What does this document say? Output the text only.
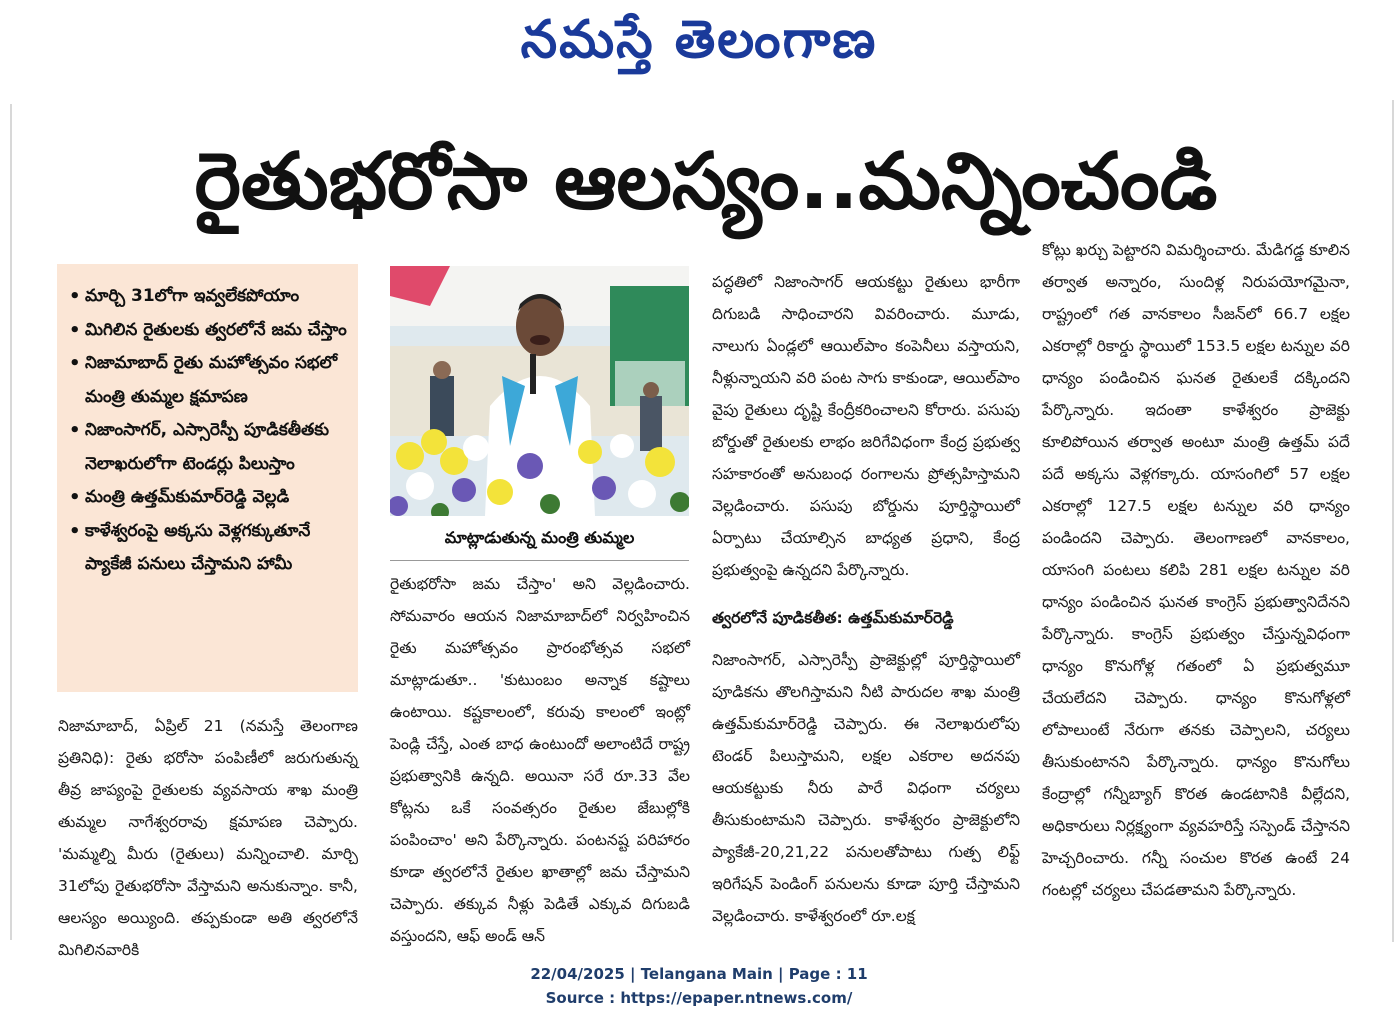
నమస్తే తెలంగాణ
రైతుభరోసా ఆలస్యం..మన్నించండి
• మార్చి 31లోగా ఇవ్వలేకపోయాం
• మిగిలిన రైతులకు త్వరలోనే జమ చేస్తాం
• నిజామాబాద్ రైతు మహోత్సవం సభలో మంత్రి తుమ్మల క్షమాపణ
• నిజాంసాగర్, ఎస్సారెస్పీ పూడికతీతకు నెలాఖరులోగా టెండర్లు పిలుస్తాం
• మంత్రి ఉత్తమ్‌కుమార్‌రెడ్డి వెల్లడి
• కాళేశ్వరంపై అక్కసు వెళ్లగక్కుతూనే ప్యాకేజీ పనులు చేస్తామని హామీ
మాట్లాడుతున్న మంత్రి తుమ్మల

నిజామాబాద్, ఏప్రిల్ 21 (నమస్తే తెలంగాణ ప్రతినిధి): రైతు భరోసా పంపిణీలో జరుగుతున్న తీవ్ర జాప్యంపై రైతులకు వ్యవసాయ శాఖ మంత్రి తుమ్మల నాగేశ్వరరావు క్షమాపణ చెప్పారు. 'మమ్మల్ని మీరు (రైతులు) మన్నించాలి. మార్చి 31లోపు రైతుభరోసా వేస్తామని అనుకున్నాం. కానీ, ఆలస్యం అయ్యింది. తప్పకుండా అతి త్వరలోనే మిగిలినవారికి

రైతుభరోసా జమ చేస్తాం' అని వెల్లడించారు. సోమవారం ఆయన నిజామాబాద్‌లో నిర్వహించిన రైతు మహోత్సవం ప్రారంభోత్సవ సభలో మాట్లాడుతూ.. 'కుటుంబం అన్నాక కష్టాలు ఉంటాయి. కష్టకాలంలో, కరువు కాలంలో ఇంట్లో పెండ్లి చేస్తే, ఎంత బాధ ఉంటుందో అలాంటిదే రాష్ట్ర ప్రభుత్వానికి ఉన్నది. అయినా సరే రూ.33 వేల కోట్లను ఒకే సంవత్సరం రైతుల జేబుల్లోకి పంపించాం' అని పేర్కొన్నారు. పంటనష్ట పరిహారం కూడా త్వరలోనే రైతుల ఖాతాల్లో జమ చేస్తామని చెప్పారు. తక్కువ నీళ్లు పెడితే ఎక్కువ దిగుబడి వస్తుందని, ఆఫ్ అండ్ ఆన్

పద్ధతిలో నిజాంసాగర్ ఆయకట్టు రైతులు భారీగా దిగుబడి సాధించారని వివరించారు. మూడు, నాలుగు ఏండ్లలో ఆయిల్‌పాం కంపెనీలు వస్తాయని, నీళ్లున్నాయని వరి పంట సాగు కాకుండా, ఆయిల్‌పాం వైపు రైతులు దృష్టి కేంద్రీకరించాలని కోరారు. పసుపు బోర్డుతో రైతులకు లాభం జరిగేవిధంగా కేంద్ర ప్రభుత్వ సహకారంతో అనుబంధ రంగాలను ప్రోత్సహిస్తామని వెల్లడించారు. పసుపు బోర్డును పూర్తిస్థాయిలో ఏర్పాటు చేయాల్సిన బాధ్యత ప్రధాని, కేంద్ర ప్రభుత్వంపై ఉన్నదని పేర్కొన్నారు.

త్వరలోనే పూడికతీత: ఉత్తమ్‌కుమార్‌రెడ్డి

నిజాంసాగర్, ఎస్సారెస్పీ ప్రాజెక్టుల్లో పూర్తిస్థాయిలో పూడికను తొలగిస్తామని నీటి పారుదల శాఖ మంత్రి ఉత్తమ్‌కుమార్‌రెడ్డి చెప్పారు. ఈ నెలాఖరులోపు టెండర్ పిలుస్తామని, లక్షల ఎకరాల అదనపు ఆయకట్టుకు నీరు పారే విధంగా చర్యలు తీసుకుంటామని చెప్పారు. కాళేశ్వరం ప్రాజెక్టులోని ప్యాకేజీ-20,21,22 పనులతోపాటు గుత్ప లిఫ్ట్ ఇరిగేషన్ పెండింగ్ పనులను కూడా పూర్తి చేస్తామని వెల్లడించారు. కాళేశ్వరంలో రూ.లక్ష

కోట్లు ఖర్చు పెట్టారని విమర్శించారు. మేడిగడ్డ కూలిన తర్వాత అన్నారం, సుందిళ్ల నిరుపయోగమైనా, రాష్ట్రంలో గత వానకాలం సీజన్‌లో 66.7 లక్షల ఎకరాల్లో రికార్డు స్థాయిలో 153.5 లక్షల టన్నుల వరి ధాన్యం పండించిన ఘనత రైతులకే దక్కిందని పేర్కొన్నారు. ఇదంతా కాళేశ్వరం ప్రాజెక్టు కూలిపోయిన తర్వాత అంటూ మంత్రి ఉత్తమ్ పదే పదే అక్కసు వెళ్లగక్కారు. యాసంగిలో 57 లక్షల ఎకరాల్లో 127.5 లక్షల టన్నుల వరి ధాన్యం పండిందని చెప్పారు. తెలంగాణలో వానకాలం, యాసంగి పంటలు కలిపి 281 లక్షల టన్నుల వరి ధాన్యం పండించిన ఘనత కాంగ్రెస్ ప్రభుత్వానిదేనని పేర్కొన్నారు. కాంగ్రెస్ ప్రభుత్వం చేస్తున్నవిధంగా ధాన్యం కొనుగోళ్ల గతంలో ఏ ప్రభుత్వమూ చేయలేదని చెప్పారు. ధాన్యం కొనుగోళ్లలో లోపాలుంటే నేరుగా తనకు చెప్పాలని, చర్యలు తీసుకుంటానని పేర్కొన్నారు. ధాన్యం కొనుగోలు కేంద్రాల్లో గన్నీబ్యాగ్ కొరత ఉండటానికి వీల్లేదని, అధికారులు నిర్లక్ష్యంగా వ్యవహరిస్తే సస్పెండ్ చేస్తానని హెచ్చరించారు. గన్నీ సంచుల కొరత ఉంటే 24 గంటల్లో చర్యలు చేపడతామని పేర్కొన్నారు.

22/04/2025 | Telangana Main | Page : 11
Source : https://epaper.ntnews.com/
